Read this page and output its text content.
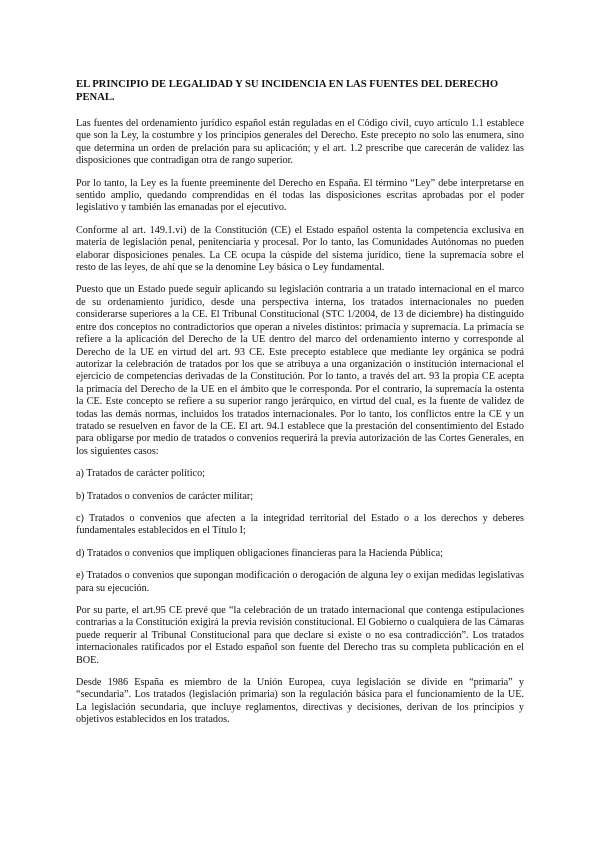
EL PRINCIPIO DE LEGALIDAD Y SU INCIDENCIA EN LAS FUENTES DEL DERECHO PENAL.

Las fuentes del ordenamiento jurídico español están reguladas en el Código civil, cuyo artículo 1.1 establece que son la Ley, la costumbre y los principios generales del Derecho. Este precepto no solo las enumera, sino que determina un orden de prelación para su aplicación; y el art. 1.2 prescribe que carecerán de validez las disposiciones que contradigan otra de rango superior.

Por lo tanto, la Ley es la fuente preeminente del Derecho en España. El término “Ley” debe interpretarse en sentido amplio, quedando comprendidas en él todas las disposiciones escritas aprobadas por el poder legislativo y también las emanadas por el ejecutivo.

Conforme al art. 149.1.vi) de la Constitución (CE) el Estado español ostenta la competencia exclusiva en materia de legislación penal, penitenciaria y procesal. Por lo tanto, las Comunidades Autónomas no pueden elaborar disposiciones penales. La CE ocupa la cúspide del sistema jurídico, tiene la supremacía sobre el resto de las leyes, de ahí que se la denomine Ley básica o Ley fundamental.

Puesto que un Estado puede seguir aplicando su legislación contraria a un tratado internacional en el marco de su ordenamiento jurídico, desde una perspectiva interna, los tratados internacionales no pueden considerarse superiores a la CE. El Tribunal Constitucional (STC 1/2004, de 13 de diciembre) ha distinguido entre dos conceptos no contradictorios que operan a niveles distintos: primacía y supremacía. La primacía se refiere a la aplicación del Derecho de la UE dentro del marco del ordenamiento interno y corresponde al Derecho de la UE en virtud del art. 93 CE. Este precepto establece que mediante ley orgánica se podrá autorizar la celebración de tratados por los que se atribuya a una organización o institución internacional el ejercicio de competencias derivadas de la Constitución. Por lo tanto, a través del art. 93 la propia CE acepta la primacía del Derecho de la UE en el ámbito que le corresponda. Por el contrario, la supremacía la ostenta la CE. Este concepto se refiere a su superior rango jerárquico, en virtud del cual, es la fuente de validez de todas las demás normas, incluidos los tratados internacionales. Por lo tanto, los conflictos entre la CE y un tratado se resuelven en favor de la CE. El art. 94.1 establece que la prestación del consentimiento del Estado para obligarse por medio de tratados o convenios requerirá la previa autorización de las Cortes Generales, en los siguientes casos:

a) Tratados de carácter político;

b) Tratados o convenios de carácter militar;

c) Tratados o convenios que afecten a la integridad territorial del Estado o a los derechos y deberes fundamentales establecidos en el Título I;

d) Tratados o convenios que impliquen obligaciones financieras para la Hacienda Pública;

e) Tratados o convenios que supongan modificación o derogación de alguna ley o exijan medidas legislativas para su ejecución.

Por su parte, el art.95 CE prevé que “la celebración de un tratado internacional que contenga estipulaciones contrarias a la Constitución exigirá la previa revisión constitucional. El Gobierno o cualquiera de las Cámaras puede requerir al Tribunal Constitucional para que declare si existe o no esa contradicción”. Los tratados internacionales ratificados por el Estado español son fuente del Derecho tras su completa publicación en el BOE.

Desde 1986 España es miembro de la Unión Europea, cuya legislación se divide en “primaria” y “secundaria”. Los tratados (legislación primaria) son la regulación básica para el funcionamiento de la UE. La legislación secundaria, que incluye reglamentos, directivas y decisiones, derivan de los principios y objetivos establecidos en los tratados.
